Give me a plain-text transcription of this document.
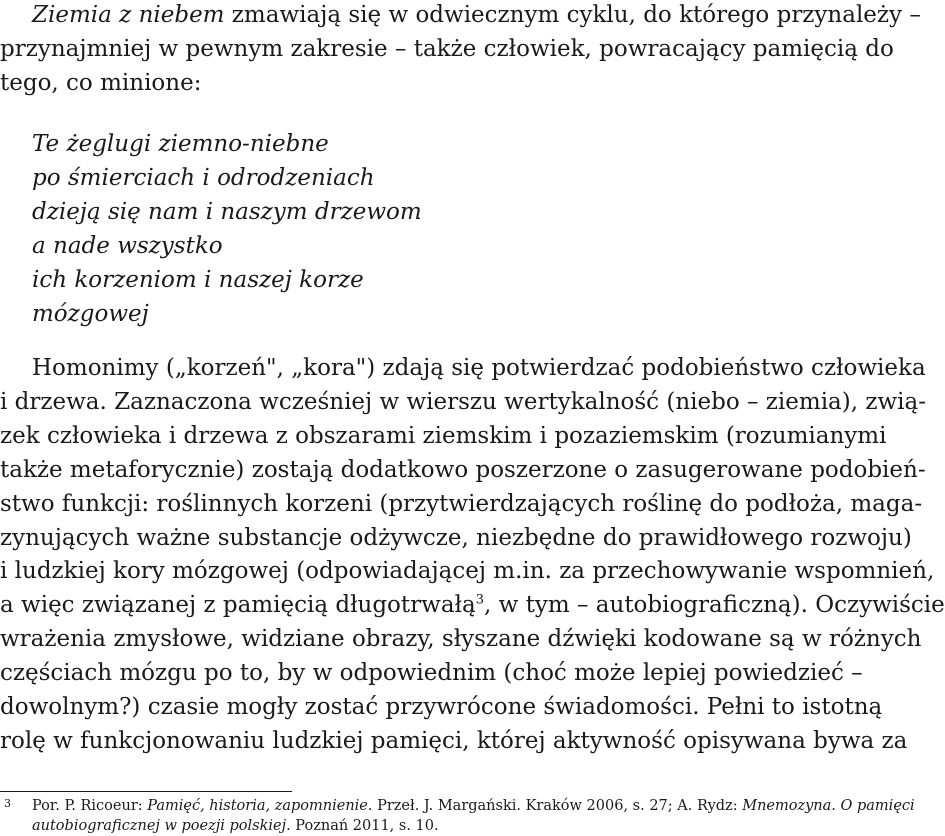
Ziemia z niebem zmawiają się w odwiecznym cyklu, do którego przynależy –
przynajmniej w pewnym zakresie – także człowiek, powracający pamięcią do
tego, co minione:
Te żeglugi ziemno-niebne
po śmierciach i odrodzeniach
dzieją się nam i naszym drzewom
a nade wszystko
ich korzeniom i naszej korze
mózgowej
Homonimy („korzeń", „kora") zdają się potwierdzać podobieństwo człowieka
i drzewa. Zaznaczona wcześniej w wierszu wertykalność (niebo – ziemia), zwią-
zek człowieka i drzewa z obszarami ziemskim i pozaziemskim (rozumianymi
także metaforycznie) zostają dodatkowo poszerzone o zasugerowane podobień-
stwo funkcji: roślinnych korzeni (przytwierdzających roślinę do podłoża, maga-
zynujących ważne substancje odżywcze, niezbędne do prawidłowego rozwoju)
i ludzkiej kory mózgowej (odpowiadającej m.in. za przechowywanie wspomnień,
a więc związanej z pamięcią długotrwałą$^3$, w tym – autobiograficzną). Oczywiście
wrażenia zmysłowe, widziane obrazy, słyszane dźwięki kodowane są w różnych
częściach mózgu po to, by w odpowiednim (choć może lepiej powiedzieć –
dowolnym?) czasie mogły zostać przywrócone świadomości. Pełni to istotną
rolę w funkcjonowaniu ludzkiej pamięci, której aktywność opisywana bywa za
3	Por. P. Ricoeur: Pamięć, historia, zapomnienie. Przeł. J. Margański. Kraków 2006, s. 27; A. Rydz: Mnemozyna. O pamięci
autobiograficznej w poezji polskiej. Poznań 2011, s. 10.
